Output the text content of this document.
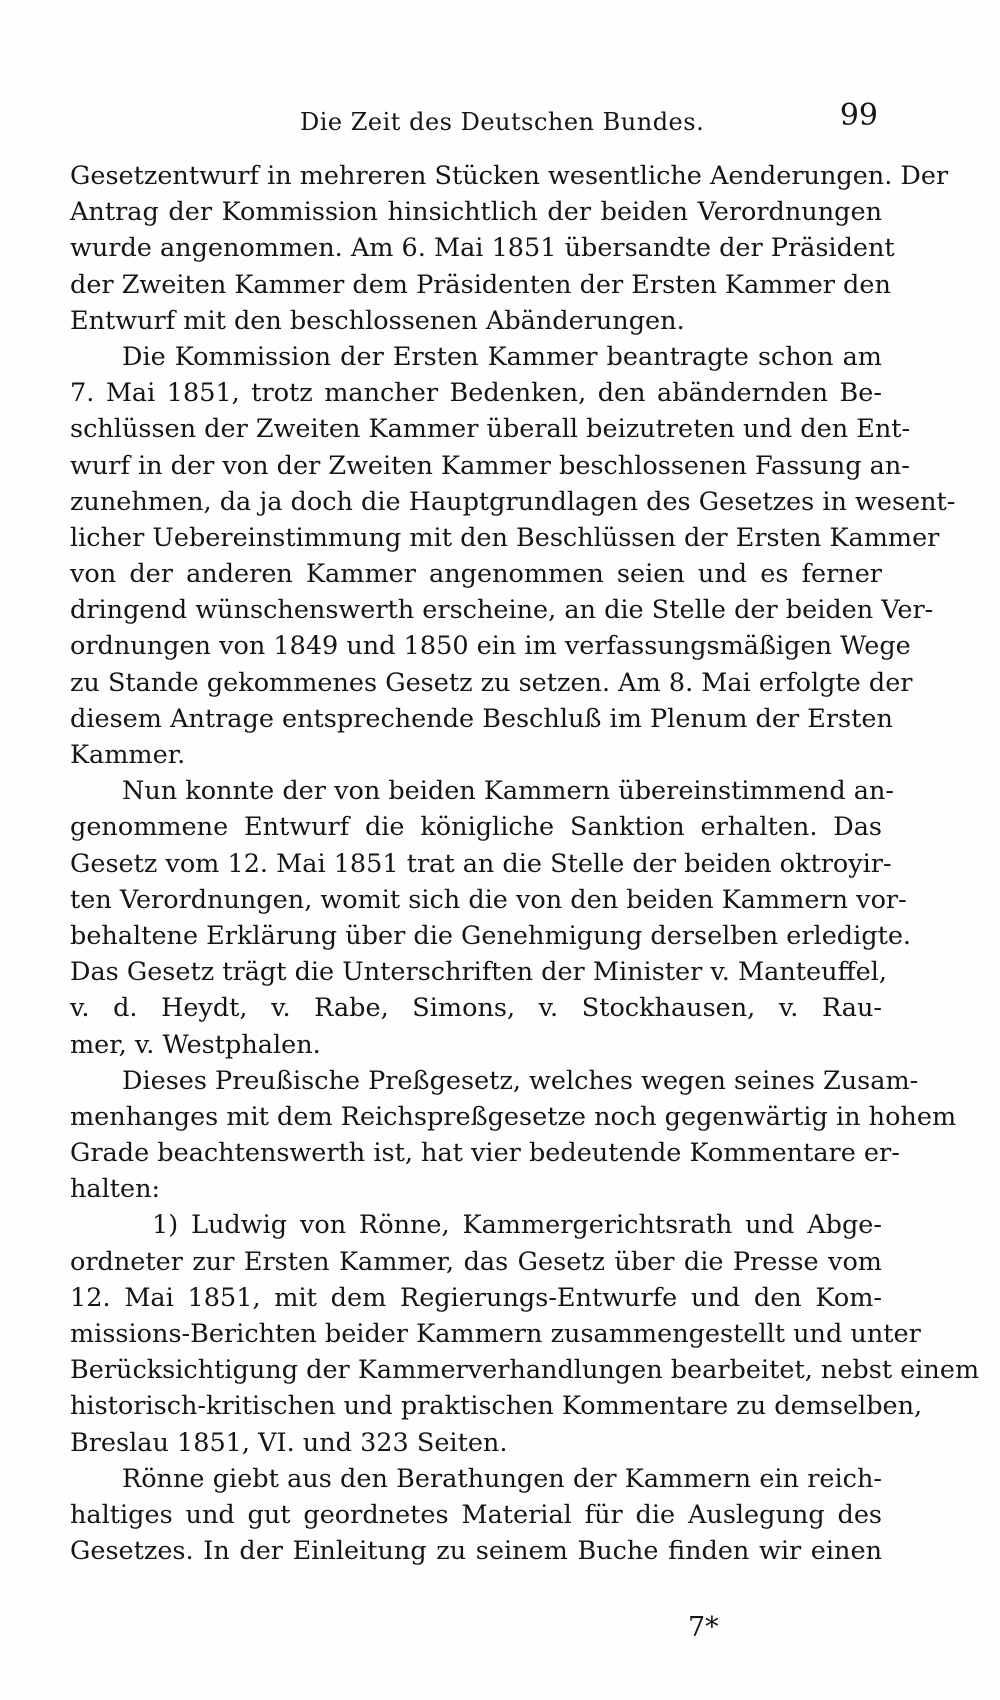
Die Zeit des Deutschen Bundes.	99
Gesetzentwurf in mehreren Stücken wesentliche Aenderungen. Der
Antrag der Kommission hinsichtlich der beiden Verordnungen
wurde angenommen. Am 6. Mai 1851 übersandte der Präsident
der Zweiten Kammer dem Präsidenten der Ersten Kammer den
Entwurf mit den beschlossenen Abänderungen.
Die Kommission der Ersten Kammer beantragte schon am
7. Mai 1851, trotz mancher Bedenken, den abändernden Be-
schlüssen der Zweiten Kammer überall beizutreten und den Ent-
wurf in der von der Zweiten Kammer beschlossenen Fassung an-
zunehmen, da ja doch die Hauptgrundlagen des Gesetzes in wesent-
licher Uebereinstimmung mit den Beschlüssen der Ersten Kammer
von der anderen Kammer angenommen seien und es ferner
dringend wünschenswerth erscheine, an die Stelle der beiden Ver-
ordnungen von 1849 und 1850 ein im verfassungsmäßigen Wege
zu Stande gekommenes Gesetz zu setzen. Am 8. Mai erfolgte der
diesem Antrage entsprechende Beschluß im Plenum der Ersten
Kammer.
Nun konnte der von beiden Kammern übereinstimmend an-
genommene Entwurf die königliche Sanktion erhalten. Das
Gesetz vom 12. Mai 1851 trat an die Stelle der beiden oktroyir-
ten Verordnungen, womit sich die von den beiden Kammern vor-
behaltene Erklärung über die Genehmigung derselben erledigte.
Das Gesetz trägt die Unterschriften der Minister v. Manteuffel,
v. d. Heydt, v. Rabe, Simons, v. Stockhausen, v. Rau-
mer, v. Westphalen.
Dieses Preußische Preßgesetz, welches wegen seines Zusam-
menhanges mit dem Reichspreßgesetze noch gegenwärtig in hohem
Grade beachtenswerth ist, hat vier bedeutende Kommentare er-
halten:
1) Ludwig von Rönne, Kammergerichtsrath und Abge-
ordneter zur Ersten Kammer, das Gesetz über die Presse vom
12. Mai 1851, mit dem Regierungs-Entwurfe und den Kom-
missions-Berichten beider Kammern zusammengestellt und unter
Berücksichtigung der Kammerverhandlungen bearbeitet, nebst einem
historisch-kritischen und praktischen Kommentare zu demselben,
Breslau 1851, VI. und 323 Seiten.
Rönne giebt aus den Berathungen der Kammern ein reich-
haltiges und gut geordnetes Material für die Auslegung des
Gesetzes. In der Einleitung zu seinem Buche finden wir einen
7*
